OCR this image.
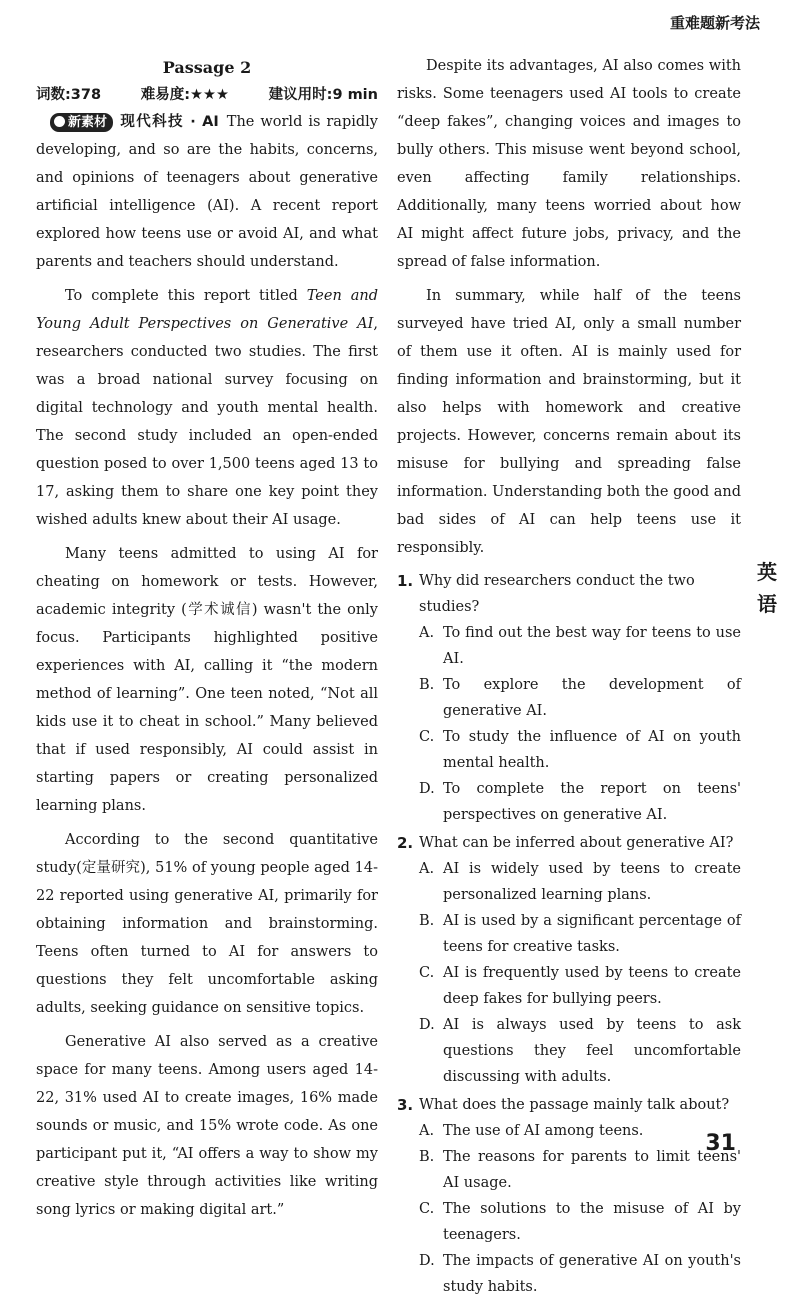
重难题新考法
Passage 2
词数:378	难易度:★★★	建议用时:9 min

新素材 现代科技 · AI The world is rapidly developing, and so are the habits, concerns, and opinions of teenagers about generative artificial intelligence (AI). A recent report explored how teens use or avoid AI, and what parents and teachers should understand.

To complete this report titled Teen and Young Adult Perspectives on Generative AI, researchers conducted two studies. The first was a broad national survey focusing on digital technology and youth mental health. The second study included an open-ended question posed to over 1,500 teens aged 13 to 17, asking them to share one key point they wished adults knew about their AI usage.

Many teens admitted to using AI for cheating on homework or tests. However, academic integrity (学术诚信) wasn't the only focus. Participants highlighted positive experiences with AI, calling it “the modern method of learning”. One teen noted, “Not all kids use it to cheat in school.” Many believed that if used responsibly, AI could assist in starting papers or creating personalized learning plans.

According to the second quantitative study(定量研究), 51% of young people aged 14-22 reported using generative AI, primarily for obtaining information and brainstorming. Teens often turned to AI for answers to questions they felt uncomfortable asking adults, seeking guidance on sensitive topics.

Generative AI also served as a creative space for many teens. Among users aged 14-22, 31% used AI to create images, 16% made sounds or music, and 15% wrote code. As one participant put it, “AI offers a way to show my creative style through activities like writing song lyrics or making digital art.”

Despite its advantages, AI also comes with risks. Some teenagers used AI tools to create “deep fakes”, changing voices and images to bully others. This misuse went beyond school, even affecting family relationships. Additionally, many teens worried about how AI might affect future jobs, privacy, and the spread of false information.

In summary, while half of the teens surveyed have tried AI, only a small number of them use it often. AI is mainly used for finding information and brainstorming, but it also helps with homework and creative projects. However, concerns remain about its misuse for bullying and spreading false information. Understanding both the good and bad sides of AI can help teens use it responsibly.

1. Why did researchers conduct the two studies?
A. To find out the best way for teens to use AI.
B. To explore the development of generative AI.
C. To study the influence of AI on youth mental health.
D. To complete the report on teens' perspectives on generative AI.
2. What can be inferred about generative AI?
A. AI is widely used by teens to create personalized learning plans.
B. AI is used by a significant percentage of teens for creative tasks.
C. AI is frequently used by teens to create deep fakes for bullying peers.
D. AI is always used by teens to ask questions they feel uncomfortable discussing with adults.
3. What does the passage mainly talk about?
A. The use of AI among teens.
B. The reasons for parents to limit teens' AI usage.
C. The solutions to the misuse of AI by teenagers.
D. The impacts of generative AI on youth's study habits.
英
语
31
